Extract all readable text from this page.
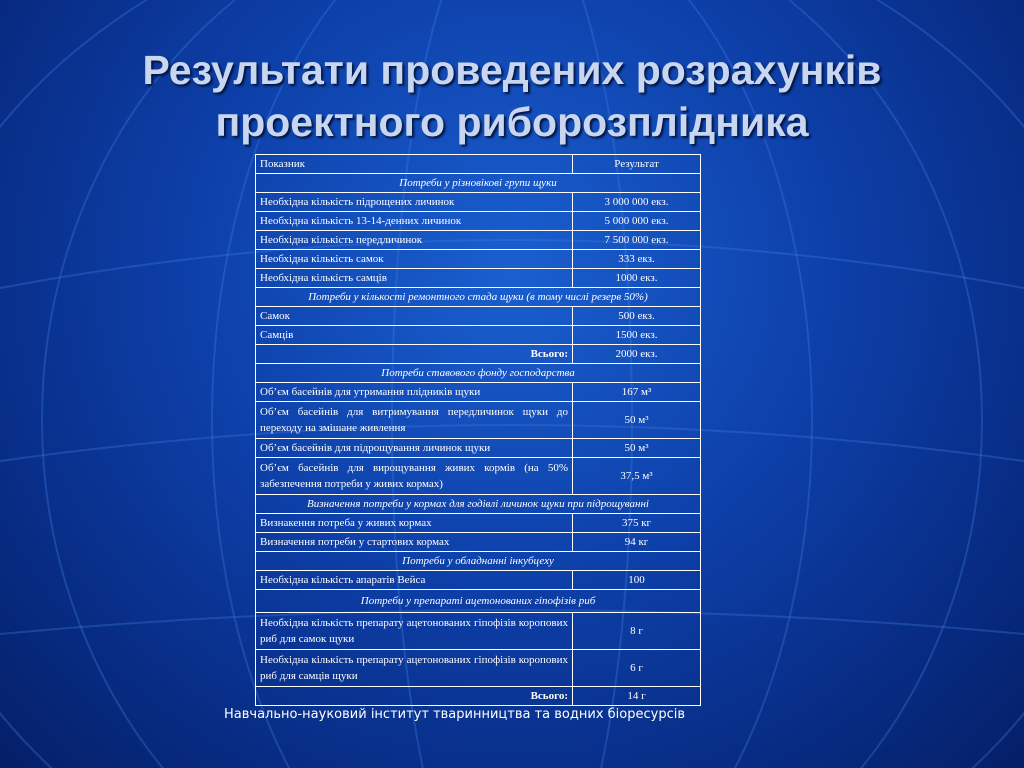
Результати проведених розрахунків
проектного риборозплідника
Показник	Результат
Потреби у різновікові групи щуки	
Необхідна кількість підрощених личинок	3 000 000 екз.
Необхідна кількість 13-14-денних личинок	5 000 000 екз.
Необхідна кількість передличинок	7 500 000 екз.
Необхідна кількість самок	333 екз.
Необхідна кількість самців	1000 екз.
Потреби у кількості ремонтного стада щуки (в тому числі резерв 50%)	
Самок	500 екз.
Самців	1500 екз.
Всього:	2000 екз.
Потреби ставового фонду господарства	
Об’єм басейнів для утримання плідників щуки	167 м³
Об’єм басейнів для витримування передличинок щуки до переходу на змішане живлення	50 м³
Об’єм басейнів для підрощування личинок щуки	50 м³
Об’єм басейнів для вирощування живих кормів (на 50% забезпечення потреби у живих кормах)	37,5 м³
Визначення потреби у кормах для годівлі личинок щуки при підрощуванні	
Визнакення потреба у живих кормах	375 кг
Визначення потреби у стартових кормах	94 кг
Потреби у обладнанні інкубцеху	
Необхідна кількість апаратів Вейса	100
Потреби у препараті ацетонованих гіпофізів риб	
Необхідна кількість препарату ацетонованих гіпофізів коропових риб для самок щуки	8 г
Необхідна кількість препарату ацетонованих гіпофізів коропових риб для самців щуки	6 г
Всього:	14 г
Навчально-науковий інститут тваринництва та водних біоресурсів
